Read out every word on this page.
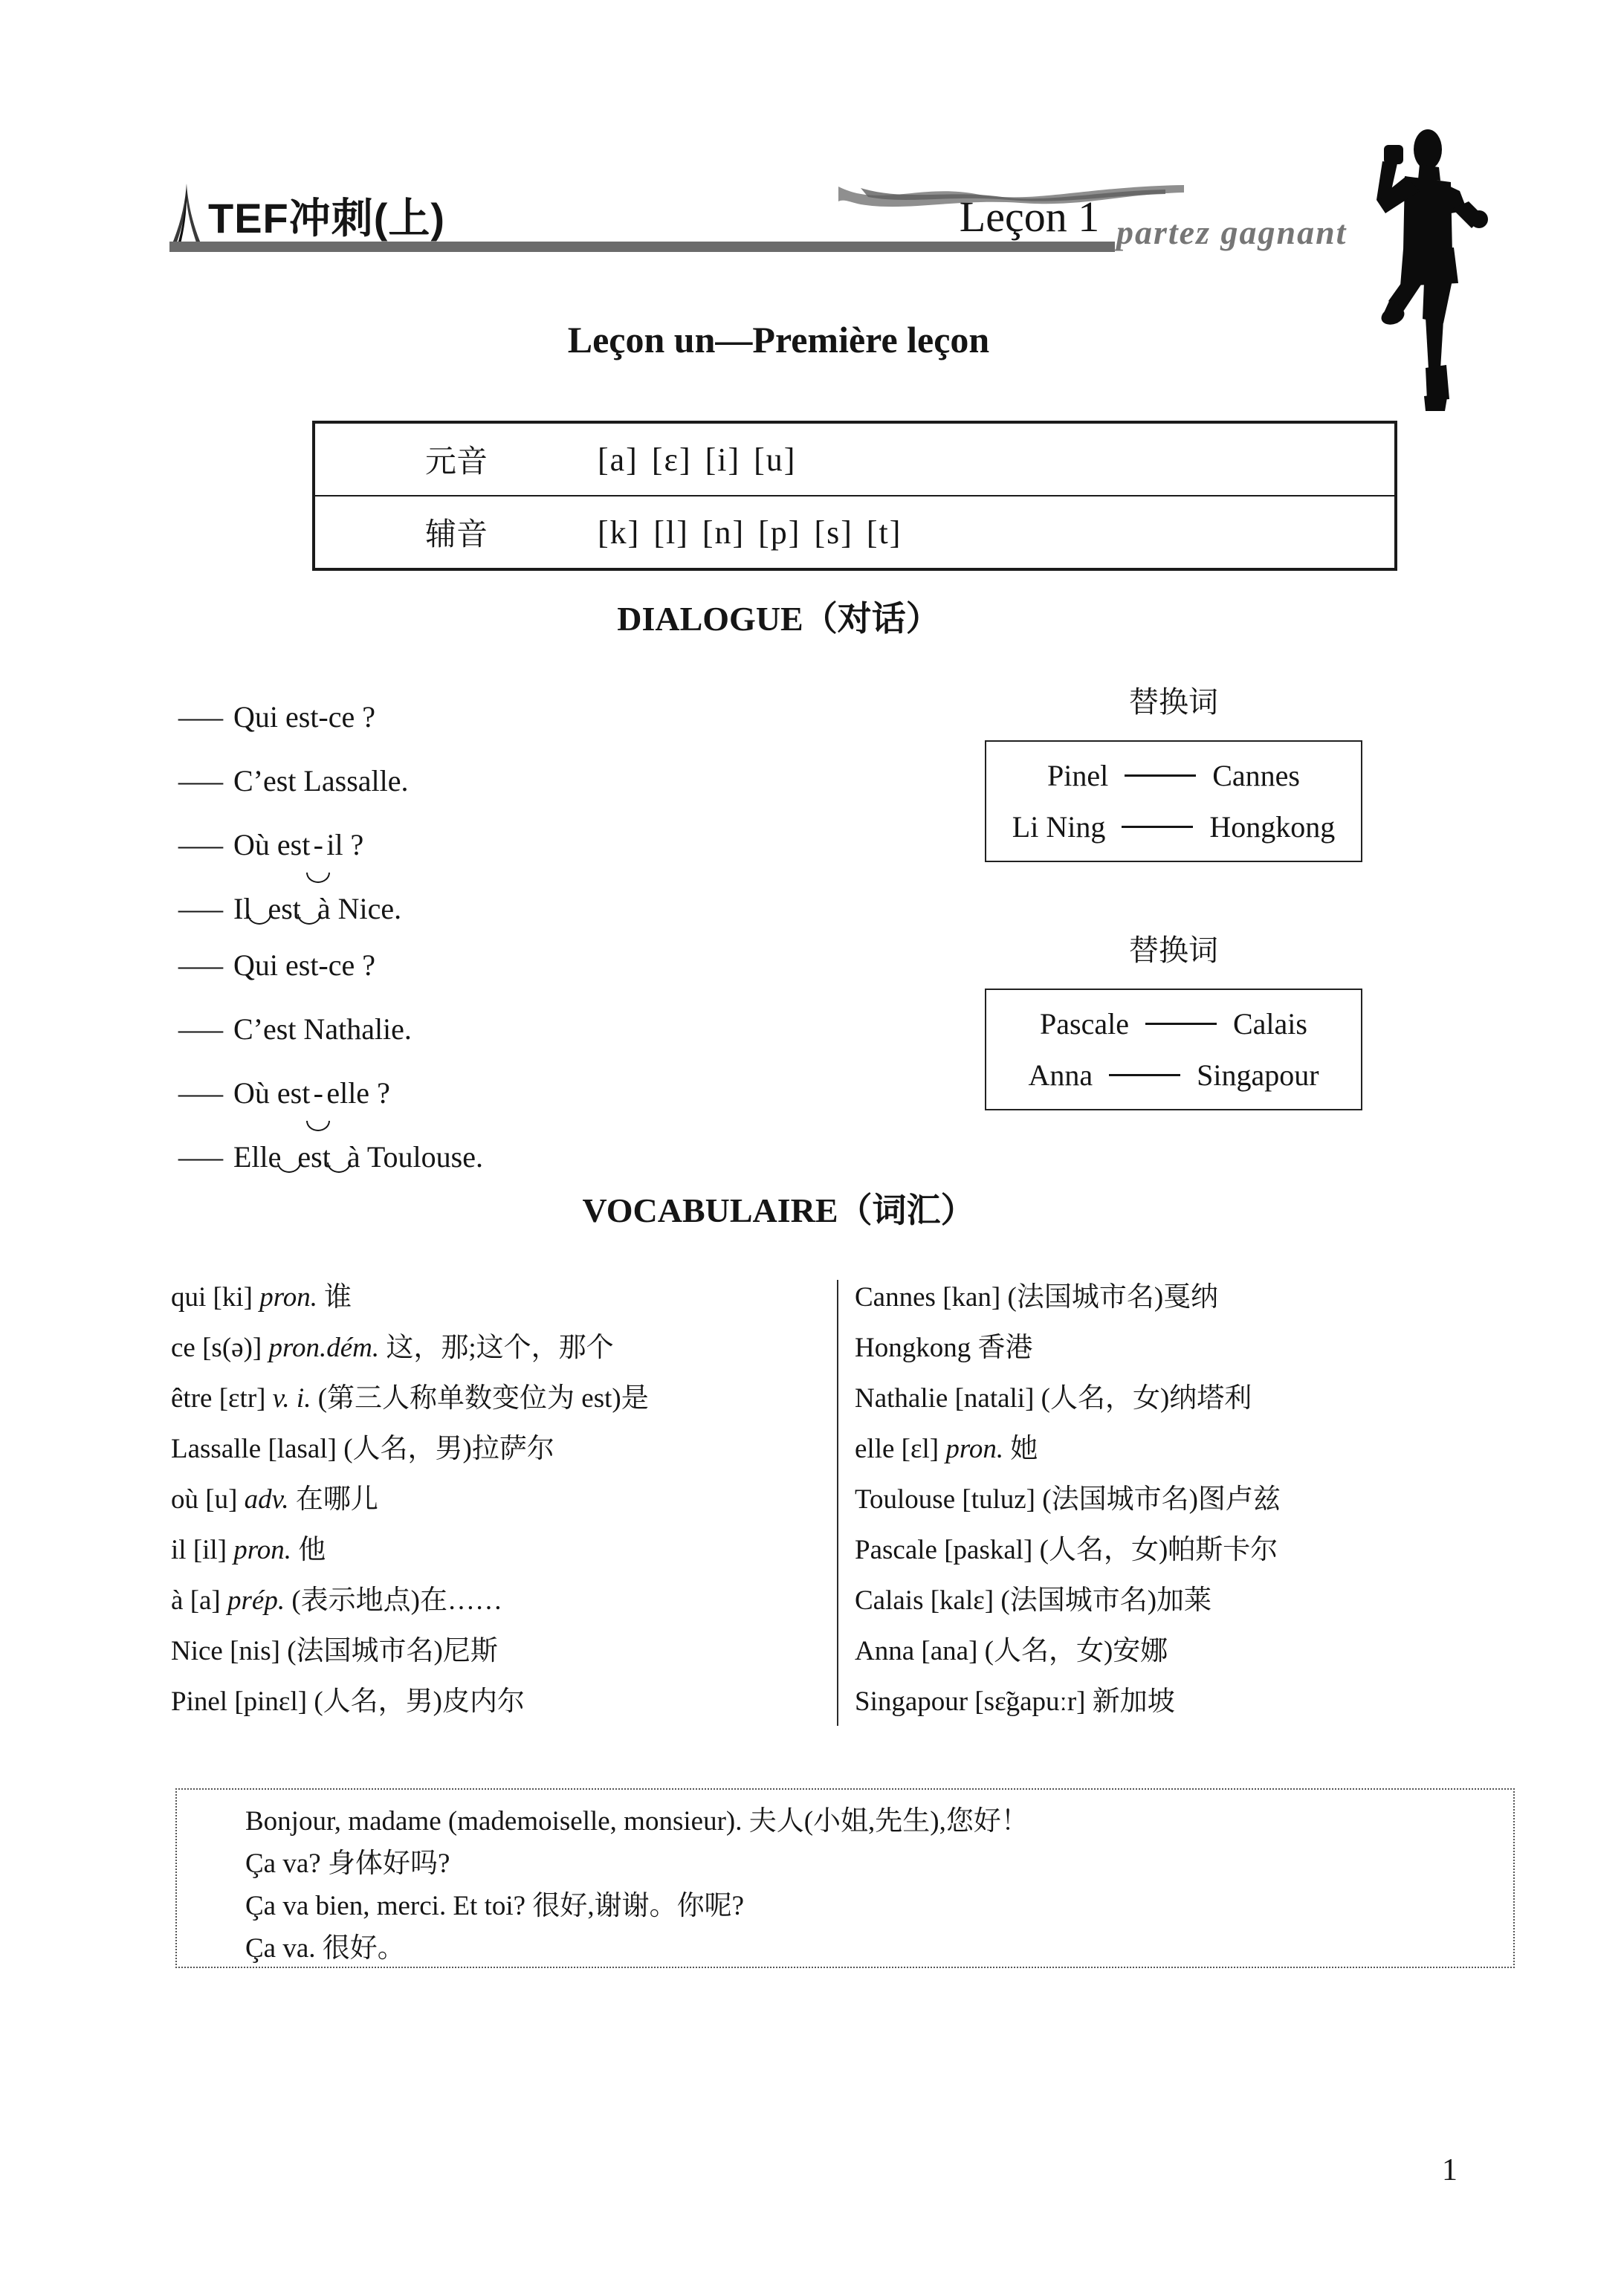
TEF冲刺(上)	Leçon 1 partez gagnant
Leçon un—Première leçon
元音	[a] [ɛ] [i] [u]
辅音	[k] [l] [n] [p] [s] [t]
DIALOGUE（对话）
— Qui est-ce ?
— C’est Lassalle.
— Où est - il ?
— Il est à Nice.
替换词
Pinel	Cannes
Li Ning	Hongkong
— Qui est-ce ?
— C’est Nathalie.
— Où est - elle ?
— Elle est à Toulouse.
替换词
Pascale	Calais
Anna	Singapour
VOCABULAIRE（词汇）
qui [ki] pron. 谁
ce [s(ə)] pron.dém. 这，那;这个，那个
être [ɛtr] v. i. (第三人称单数变位为 est)是
Lassalle [lasal] (人名，男)拉萨尔
où [u] adv. 在哪儿
il [il] pron. 他
à [a] prép. (表示地点)在……
Nice [nis] (法国城市名)尼斯
Pinel [pinɛl] (人名，男)皮内尔
Cannes [kan] (法国城市名)戛纳
Hongkong 香港
Nathalie [natali] (人名，女)纳塔利
elle [ɛl] pron. 她
Toulouse [tuluz] (法国城市名)图卢兹
Pascale [paskal] (人名，女)帕斯卡尔
Calais [kalɛ] (法国城市名)加莱
Anna [ana] (人名，女)安娜
Singapour [sɛ̃gapuːr] 新加坡
Bonjour, madame (mademoiselle, monsieur). 夫人(小姐,先生),您好！
Ça va? 身体好吗?
Ça va bien, merci. Et toi? 很好,谢谢。你呢?
Ça va. 很好。
1
